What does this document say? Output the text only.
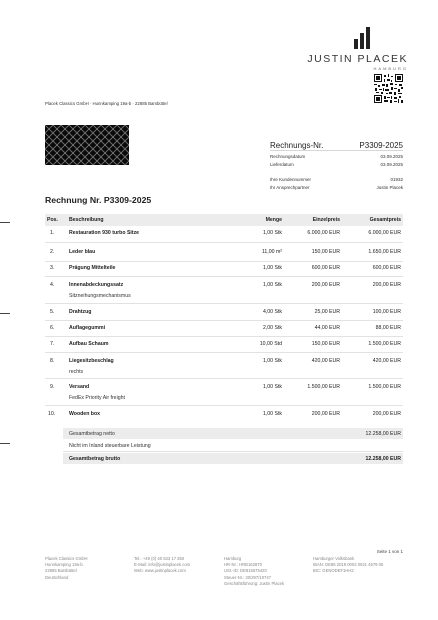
JUSTIN PLACEK
HAMBURG
Placek Classics GmbH · Hunnkamping 19a-b · 22885 Barsbüttel
Rechnungs-Nr.	P3309-2025
Rechnungsdatum	03.09.2025
Lieferdatum	03.09.2025
Ihre Kundennummer	01932
Ihr Ansprechpartner	Justin Placek
Rechnung Nr. P3309-2025
Pos. Beschreibung	Menge	Einzelpreis	Gesamtpreis
1.	Restauration 930 turbo Sitze	1,00 Stk	6.000,00 EUR	6.000,00 EUR
2.	Leder blau	11,00 m²	150,00 EUR	1.650,00 EUR
3.	Prägung Mittelteile	1,00 Stk	600,00 EUR	600,00 EUR
4.	Innenabdeckungssatz
Sitzneihungsmechanismus
1,00 Stk	200,00 EUR	200,00 EUR
5.	Drahtzug	4,00 Stk	25,00 EUR	100,00 EUR
6.	Auflagegummi	2,00 Stk	44,00 EUR	88,00 EUR
7.	Aufbau Schaum	10,00 Std	150,00 EUR	1.500,00 EUR
8.	Liegesitzbeschlag
rechts
1,00 Stk	420,00 EUR	420,00 EUR
9.	Versand
FedEx Priority Air freight
1,00 Stk	1.500,00 EUR	1.500,00 EUR
10.	Wooden box	1,00 Stk	200,00 EUR	200,00 EUR
Gesamtbetrag netto	12.258,00 EUR
Nicht im Inland steuerbare Leistung
Gesamtbetrag brutto	12.258,00 EUR
Seite 1 von 1
Placek Classics GmbH
Hunnkamping 19a-b
22885 Barsbüttel
Deutschland
Tel.: +49 (0) 40 633 17 350
E-Mail: info@justinplacek.com
Web: www.justinplacek.com
Hamburg
HR-Nr.: HRB162870
USt.-ID: DE815675420
Steuer-Nr.: 30/297/10747
Geschäftsführung: Justin Placek
Hamburger Volksbank
IBAN: DE86 2019 0003 0021 4679 05
BIC: GENODEF1HH2
